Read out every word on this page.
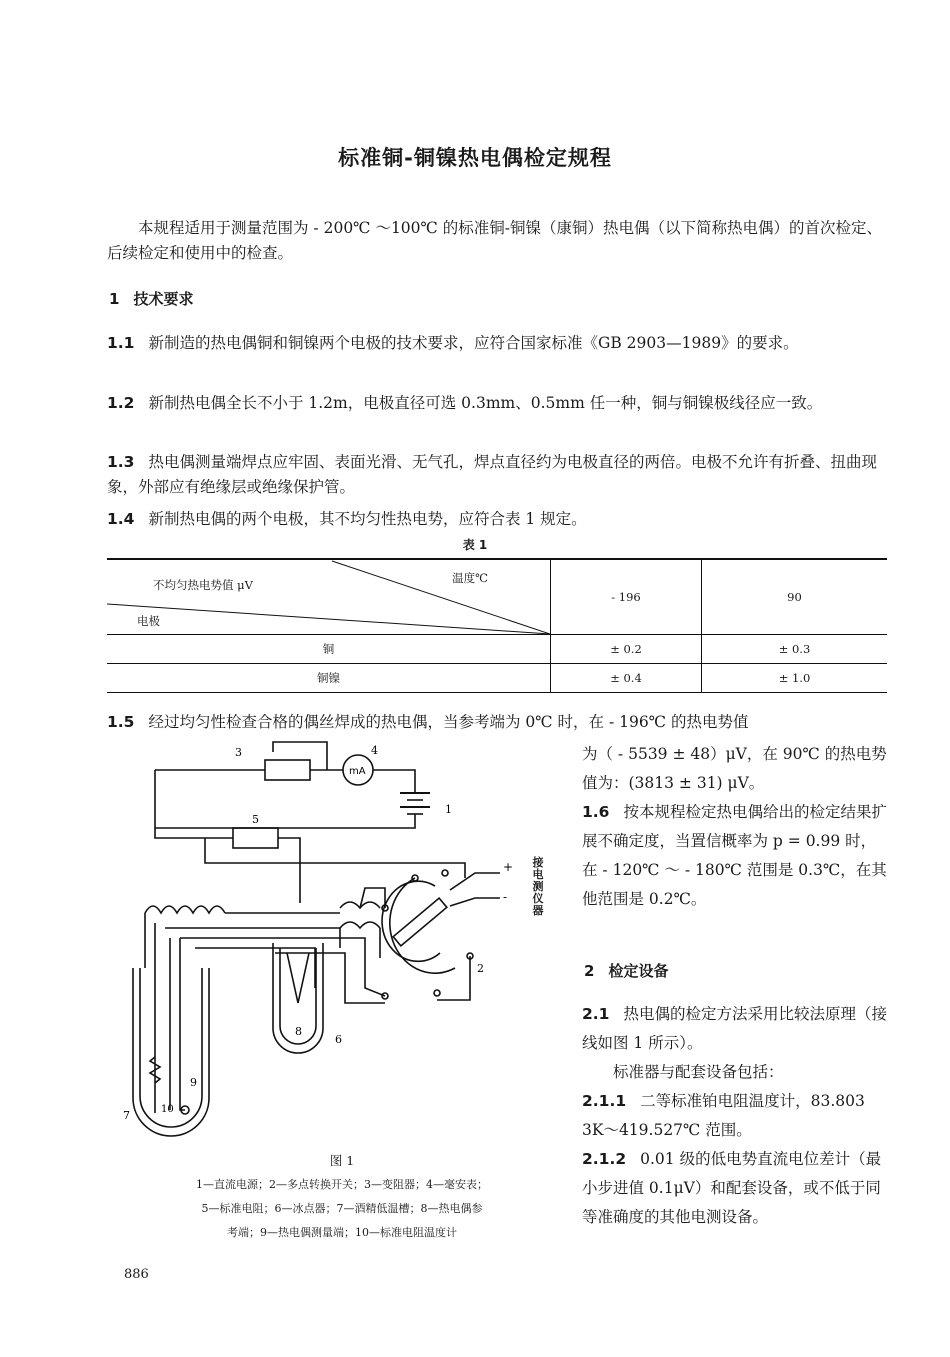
标准铜-铜镍热电偶检定规程
本规程适用于测量范围为 - 200℃ ～100℃ 的标准铜-铜镍（康铜）热电偶（以下简称热电偶）的首次检定、后续检定和使用中的检查。
1 技术要求
1.1 新制造的热电偶铜和铜镍两个电极的技术要求，应符合国家标准《GB 2903—1989》的要求。
1.2 新制热电偶全长不小于 1.2m，电极直径可选 0.3mm、0.5mm 任一种，铜与铜镍极线径应一致。
1.3 热电偶测量端焊点应牢固、表面光滑、无气孔，焊点直径约为电极直径的两倍。电极不允许有折叠、扭曲现象，外部应有绝缘层或绝缘保护管。
1.4 新制热电偶的两个电极，其不均匀性热电势，应符合表 1 规定。
表 1
温度℃
不均匀热电势值 μV
电极	- 196	90
铜	± 0.2	± 0.3
铜镍	± 0.4	± 1.0
1.5 经过均匀性检查合格的偶丝焊成的热电偶，当参考端为 0℃ 时，在 - 196℃ 的热电势值
3	4
mA
1
5
+
-
2
8
6
9
10
7
接电测仪器
图 1
1—直流电源；2—多点转换开关；3—变阻器；4—毫安表；
5—标准电阻；6—冰点器；7—酒精低温槽；8—热电偶参
考端；9—热电偶测量端；10—标准电阻温度计
为（ - 5539 ± 48）μV，在 90℃ 的热电势值为：(3813 ± 31) μV。
1.6 按本规程检定热电偶给出的检定结果扩展不确定度，当置信概率为 p = 0.99 时，在 - 120℃ ～ - 180℃ 范围是 0.3℃，在其他范围是 0.2℃。
2 检定设备
2.1 热电偶的检定方法采用比较法原理（接线如图 1 所示）。
标准器与配套设备包括：
2.1.1 二等标准铂电阻温度计，83.803 3K～419.527℃ 范围。
2.1.2 0.01 级的低电势直流电位差计（最小步进值 0.1μV）和配套设备，或不低于同等准确度的其他电测设备。
886
